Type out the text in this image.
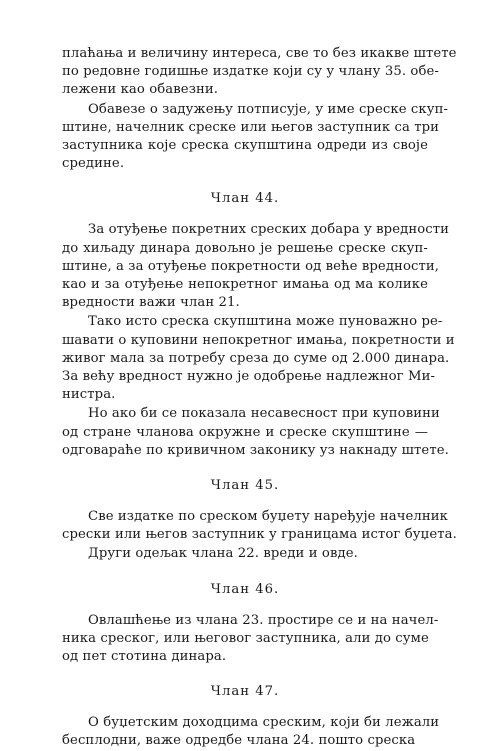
плаћања и величину интереса, све то без икакве штете
по редовне годишње издатке који су у члану 35. обе-
лежени као обавезни.
Обавезе о задужењу потписује, у име среске скуп-
штине, начелник среске или његов заступник са три
заступника које среска скупштина одреди из своје
средине.
Члан 44.
За отуђење покретних среских добара у вредности
до хиљаду динара довољно је решење среске скуп-
штине, а за отуђење покретности од веће вредности,
као и за отуђење непокретног имања од ма колике
вредности важи члан 21.
Тако исто среска скупштина може пуноважно ре-
шавати о куповини непокретног имања, покретности и
живог мала за потребу среза до суме од 2.000 динара.
За већу вредност нужно је одобрење надлежног Ми-
нистра.
Но ако би се показала несавесност при куповини
од стране чланова окружне и среске скупштине —
одговараће по кривичном законику уз накнаду штете.
Члан 45.
Све издатке по среском буџету наређује начелник
срески или његов заступник у границама истог буџета.
Други одељак члана 22. вреди и овде.
Члан 46.
Овлашћење из члана 23. простире се и на начел-
ника среског, или његовог заступника, али до суме
од пет стотина динара.
Члан 47.
О буџетским доходцима среским, који би лежали
бесплодни, важе одредбе члана 24. пошто среска
